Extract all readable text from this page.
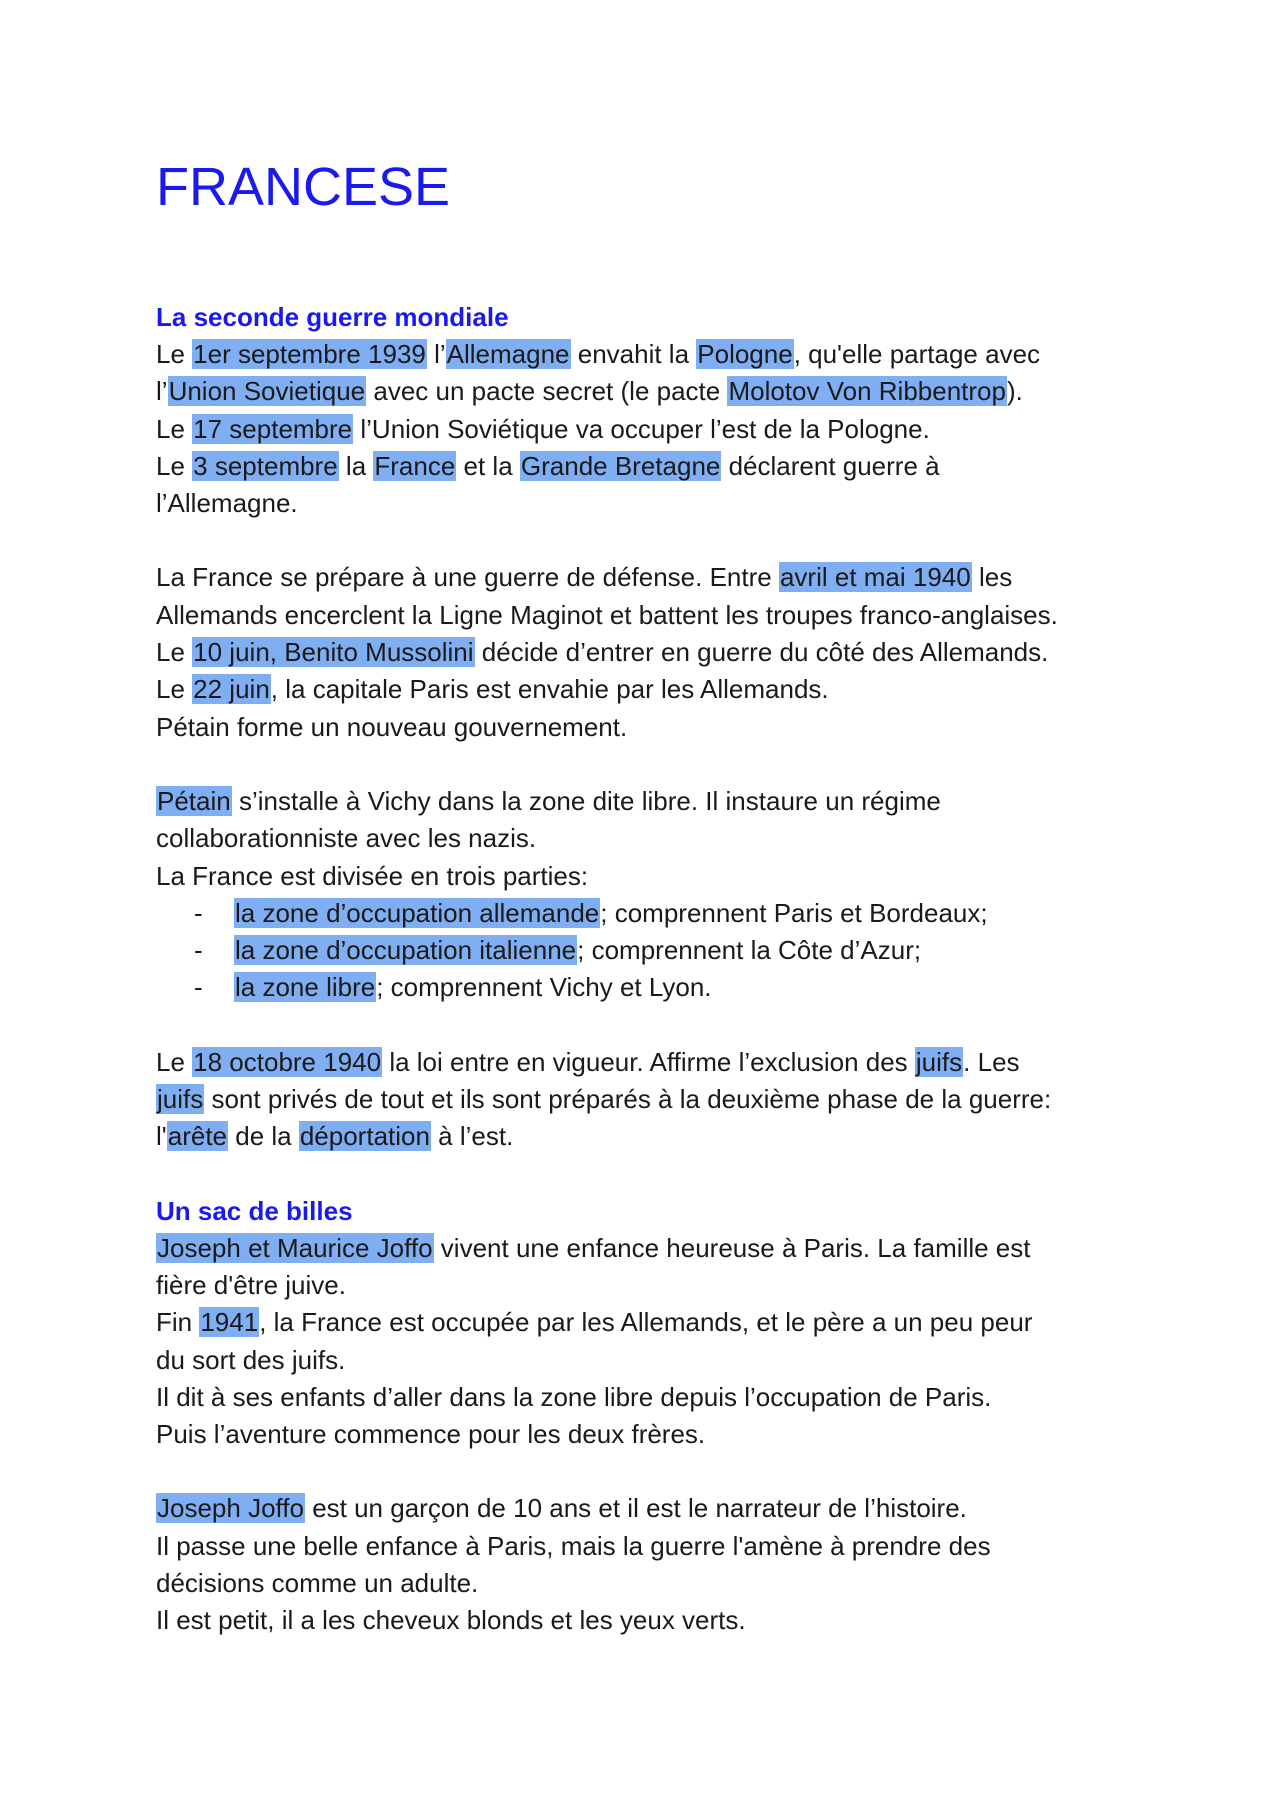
FRANCESE
La seconde guerre mondiale
Le 1er septembre 1939 l’Allemagne envahit la Pologne, qu'elle partage avec
l’Union Sovietique avec un pacte secret (le pacte Molotov Von Ribbentrop).
Le 17 septembre l’Union Soviétique va occuper l’est de la Pologne.
Le 3 septembre la France et la Grande Bretagne déclarent guerre à
l’Allemagne.
La France se prépare à une guerre de défense. Entre avril et mai 1940 les
Allemands encerclent la Ligne Maginot et battent les troupes franco-anglaises.
Le 10 juin, Benito Mussolini décide d’entrer en guerre du côté des Allemands.
Le 22 juin, la capitale Paris est envahie par les Allemands.
Pétain forme un nouveau gouvernement.
Pétain s’installe à Vichy dans la zone dite libre. Il instaure un régime
collaborationniste avec les nazis.
La France est divisée en trois parties:
- la zone d’occupation allemande; comprennent Paris et Bordeaux;
- la zone d’occupation italienne; comprennent la Côte d’Azur;
- la zone libre; comprennent Vichy et Lyon.
Le 18 octobre 1940 la loi entre en vigueur. Affirme l’exclusion des juifs. Les
juifs sont privés de tout et ils sont préparés à la deuxième phase de la guerre:
l'arête de la déportation à l’est.
Un sac de billes
Joseph et Maurice Joffo vivent une enfance heureuse à Paris. La famille est
fière d'être juive.
Fin 1941, la France est occupée par les Allemands, et le père a un peu peur
du sort des juifs.
Il dit à ses enfants d’aller dans la zone libre depuis l’occupation de Paris.
Puis l’aventure commence pour les deux frères.
Joseph Joffo est un garçon de 10 ans et il est le narrateur de l’histoire.
Il passe une belle enfance à Paris, mais la guerre l'amène à prendre des
décisions comme un adulte.
Il est petit, il a les cheveux blonds et les yeux verts.
